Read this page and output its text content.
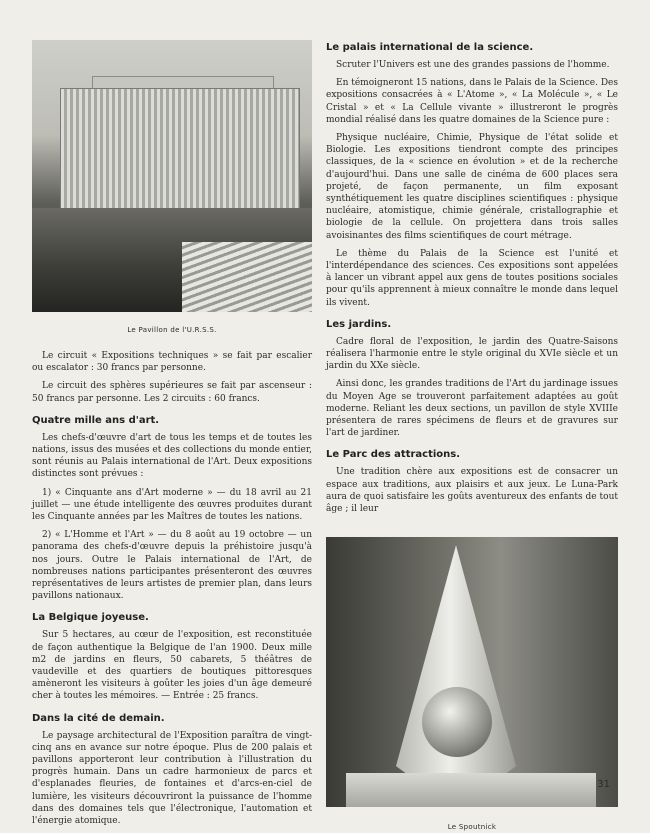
Le Pavillon de l'U.R.S.S.

Le circuit « Expositions techniques » se fait par escalier ou escalator : 30 francs par personne.

Le circuit des sphères supérieures se fait par ascenseur : 50 francs par personne. Les 2 circuits : 60 francs.

Quatre mille ans d'art.

Les chefs-d'œuvre d'art de tous les temps et de toutes les nations, issus des musées et des collections du monde entier, sont réunis au Palais international de l'Art. Deux expositions distinctes sont prévues :

1) « Cinquante ans d'Art moderne » — du 18 avril au 21 juillet — une étude intelligente des œuvres produites durant les Cinquante années par les Maîtres de toutes les nations.

2) « L'Homme et l'Art » — du 8 août au 19 octobre — un panorama des chefs-d'œuvre depuis la préhistoire jusqu'à nos jours. Outre le Palais international de l'Art, de nombreuses nations participantes présenteront des œuvres représentatives de leurs artistes de premier plan, dans leurs pavillons nationaux.

La Belgique joyeuse.

Sur 5 hectares, au cœur de l'exposition, est reconstituée de façon authentique la Belgique de l'an 1900. Deux mille m2 de jardins en fleurs, 50 cabarets, 5 théâtres de vaudeville et des quartiers de boutiques pittoresques amèneront les visiteurs à goûter les joies d'un âge demeuré cher à toutes les mémoires. — Entrée : 25 francs.

Dans la cité de demain.

Le paysage architectural de l'Exposition paraîtra de vingt-cinq ans en avance sur notre époque. Plus de 200 palais et pavillons apporteront leur contribution à l'illustration du progrès humain. Dans un cadre harmonieux de parcs et d'esplanades fleuries, de fontaines et d'arcs-en-ciel de lumière, les visiteurs découvriront la puissance de l'homme dans des domaines tels que l'électronique, l'automation et l'énergie atomique.

Le palais international de la science.

Scruter l'Univers est une des grandes passions de l'homme.

En témoigneront 15 nations, dans le Palais de la Science. Des expositions consacrées à « L'Atome », « La Molécule », « Le Cristal » et « La Cellule vivante » illustreront le progrès mondial réalisé dans les quatre domaines de la Science pure :

Physique nucléaire, Chimie, Physique de l'état solide et Biologie. Les expositions tiendront compte des principes classiques, de la « science en évolution » et de la recherche d'aujourd'hui. Dans une salle de cinéma de 600 places sera projeté, de façon permanente, un film exposant synthétiquement les quatre disciplines scientifiques : physique nucléaire, atomistique, chimie générale, cristallographie et biologie de la cellule. On projettera dans trois salles avoisinantes des films scientifiques de court métrage.

Le thème du Palais de la Science est l'unité et l'interdépendance des sciences. Ces expositions sont appelées à lancer un vibrant appel aux gens de toutes positions sociales pour qu'ils apprennent à mieux connaître le monde dans lequel ils vivent.

Les jardins.

Cadre floral de l'exposition, le jardin des Quatre-Saisons réalisera l'harmonie entre le style original du XVIe siècle et un jardin du XXe siècle.

Ainsi donc, les grandes traditions de l'Art du jardinage issues du Moyen Age se trouveront parfaitement adaptées au goût moderne. Reliant les deux sections, un pavillon de style XVIIIe présentera de rares spécimens de fleurs et de gravures sur l'art de jardiner.

Le Parc des attractions.

Une tradition chère aux expositions est de consacrer un espace aux traditions, aux plaisirs et aux jeux. Le Luna-Park aura de quoi satisfaire les goûts aventureux des enfants de tout âge ; il leur

Le Spoutnick
31
